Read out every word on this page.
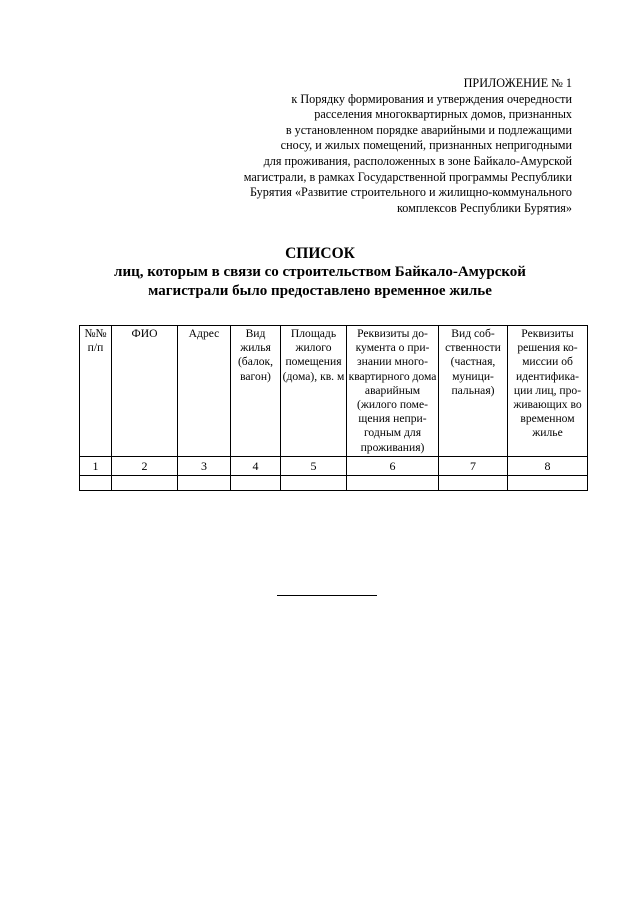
ПРИЛОЖЕНИЕ № 1
к Порядку формирования и утверждения очередности
расселения многоквартирных домов, признанных
в установленном порядке аварийными и подлежащими
сносу, и жилых помещений, признанных непригодными
для проживания, расположенных в зоне Байкало-Амурской
магистрали, в рамках Государственной программы Республики
Бурятия «Развитие строительного и жилищно-коммунального
комплексов Республики Бурятия»
СПИСОК
лиц, которым в связи со строительством Байкало-Амурской
магистрали было предоставлено временное жилье
№№ п/п	ФИО	Адрес	Вид жилья (балок, вагон)	Площадь жилого помещения (дома), кв. м	Реквизиты до-кумента о при-знании много-квартирного дома аварийным (жилого поме-щения непри-годным для проживания)	Вид соб-ственности (частная, муници-пальная)	Реквизиты решения ко-миссии об идентифика-ции лиц, про-живающих во временном жилье
1	2	3	4	5	6	7	8
